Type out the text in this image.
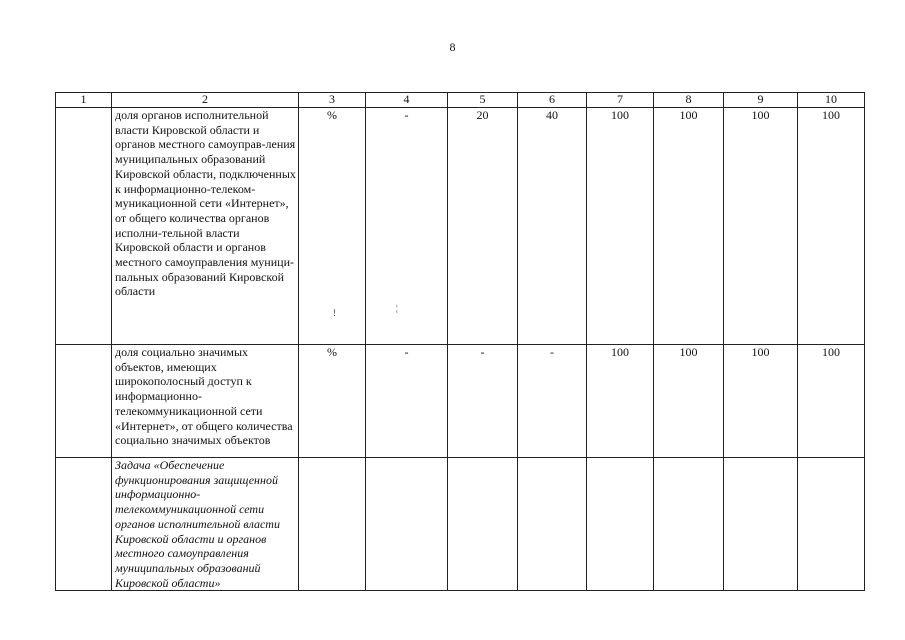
8
1	2	3	4	5	6	7	8	9	10
	доля органов исполнительной власти Кировской области и органов местного самоуправ-ления муниципальных образований Кировской области, подключенных к информационно-телеком-муникационной сети «Интернет», от общего количества органов исполни-тельной власти Кировской области и органов местного самоуправления муници-пальных образований Кировской области	%	-	20	40	100	100	100	100
	доля социально значимых объектов, имеющих широкополосный доступ к информационно-телекоммуникационной сети «Интернет», от общего количества социально значимых объектов	%	-	-	-	100	100	100	100
	Задача «Обеспечение функционирования защищенной информационно-телекоммуникационной сети органов исполнительной власти Кировской области и органов местного самоуправления муниципальных образований Кировской области»								
!	¦
